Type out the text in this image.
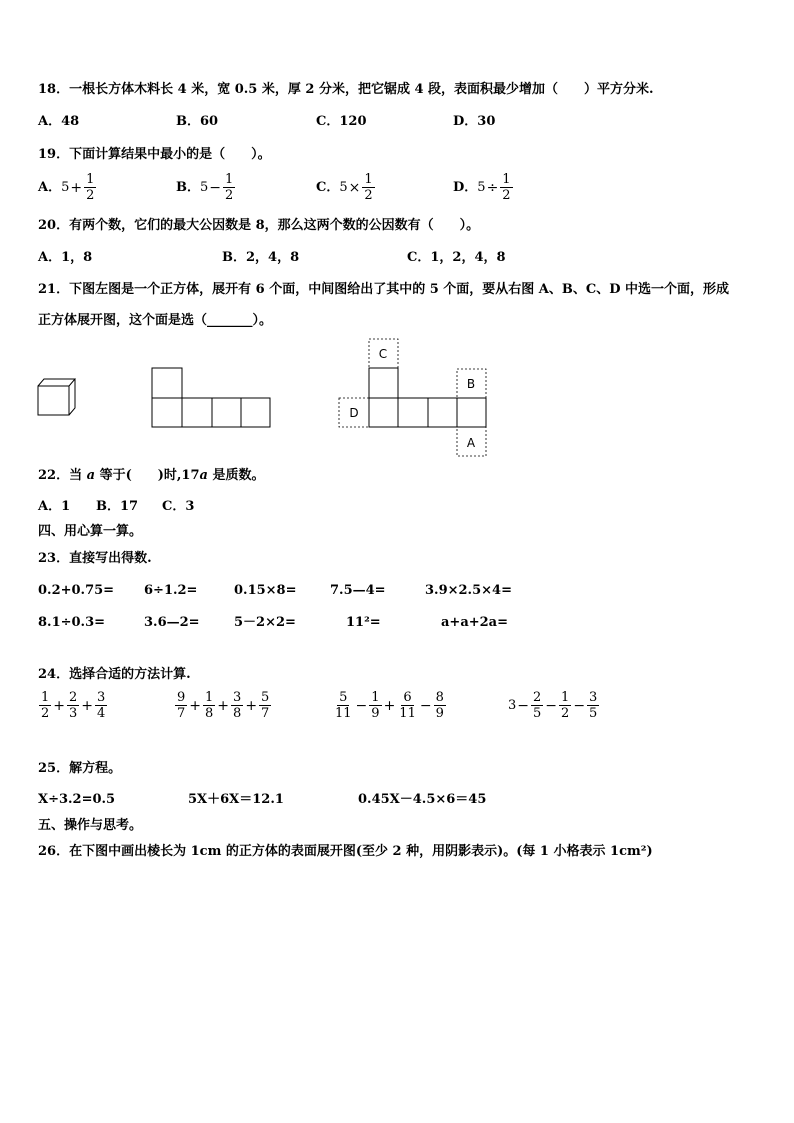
18．一根长方体木料长 4 米，宽 0.5 米，厚 2 分米，把它锯成 4 段，表面积最少增加（　　）平方分米.
A．48	B．60	C．120	D．30
19．下面计算结果中最小的是（　　）。
A． $5 + \frac{1}{2}$	B． $5 - \frac{1}{2}$	C． $5 \times \frac{1}{2}$	D． $5 \div \frac{1}{2}$
20．有两个数，它们的最大公因数是 8，那么这两个数的公因数有（　　）。
A．1，8	B．2，4，8	C．1，2，4，8
21．下图左图是一个正方体，展开有 6 个面，中间图给出了其中的 5 个面，要从右图 A、B、C、D 中选一个面，形成
正方体展开图，这个面是选（_______）。
C
B
D
A
22．当 a 等于(　　)时,17a 是质数。
A．1 B．17 C．3
四、用心算一算。
23．直接写出得数.
0.2+0.75= 6÷1.2=	0.15×8=	7.5—4=	3.9×2.5×4=
8.1÷0.3=	3.6—2=	5－2×2=	11²=	a+a+2a=
24．选择合适的方法计算.
$\frac{1}{2} + \frac{2}{3} + \frac{3}{4}$	$\frac{9}{7} + \frac{1}{8} + \frac{3}{8} + \frac{5}{7}$	$\frac{5}{11} - \frac{1}{9} + \frac{6}{11} - \frac{8}{9}$	$3 - \frac{2}{5} - \frac{1}{2} - \frac{3}{5}$
25．解方程。
X÷3.2=0.5	5X＋6X＝12.1	0.45X－4.5×6＝45
五、操作与思考。
26．在下图中画出棱长为 1cm 的正方体的表面展开图(至少 2 种，用阴影表示)。(每 1 小格表示 1cm²)
